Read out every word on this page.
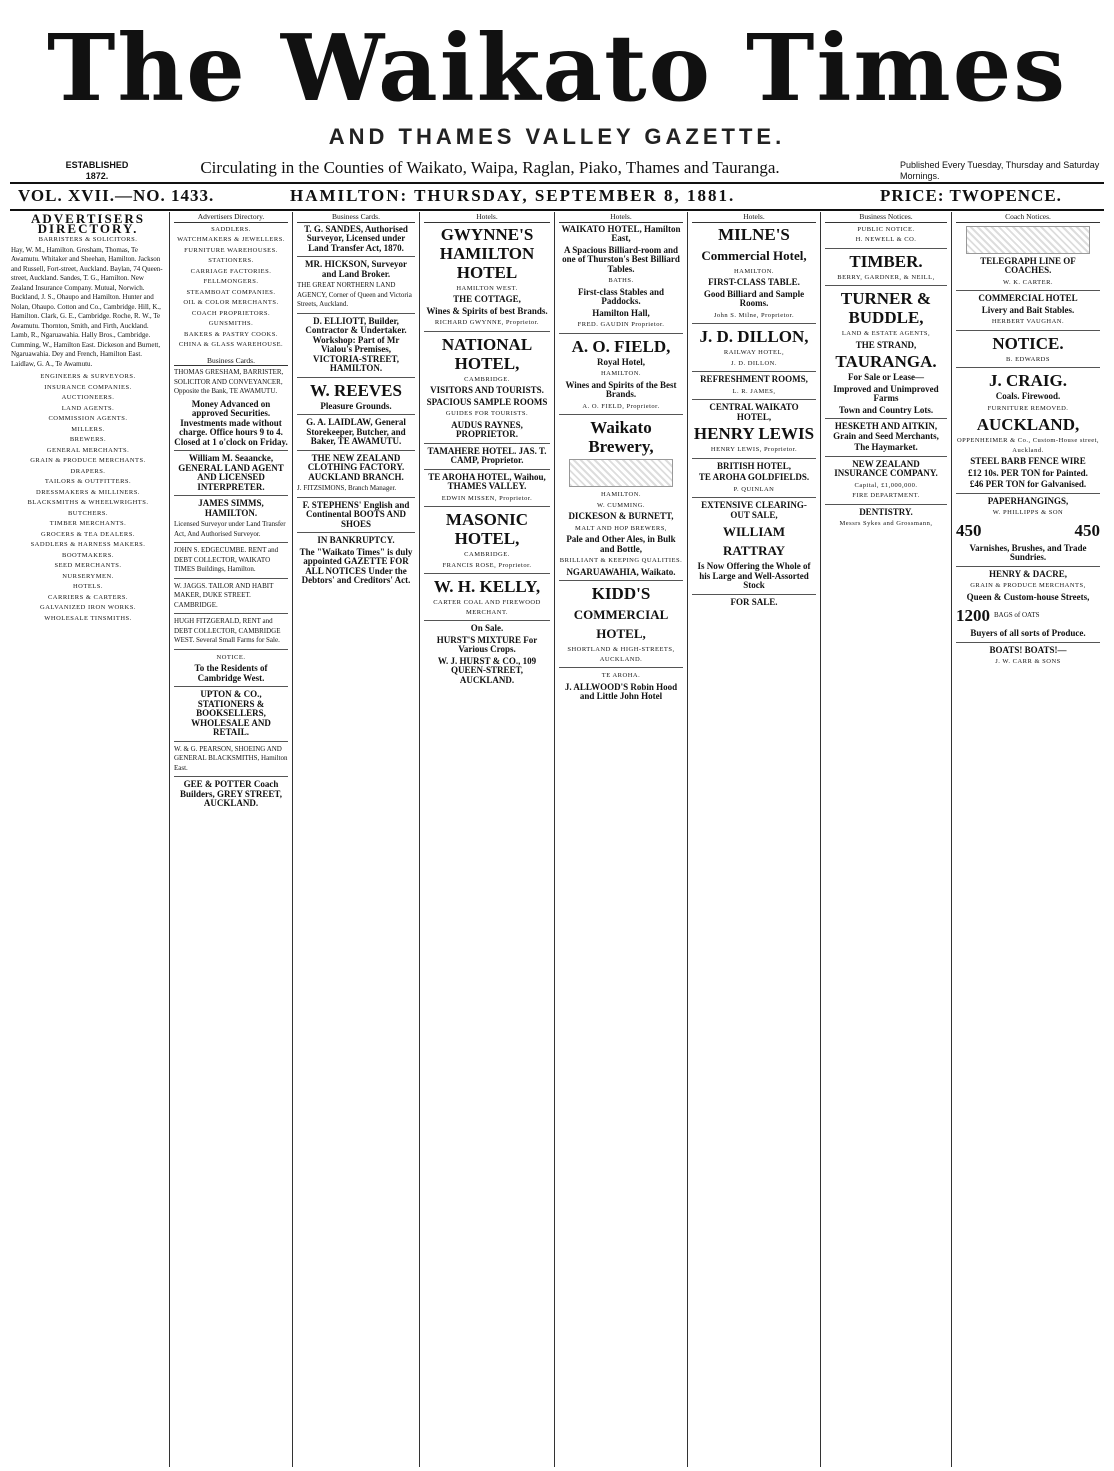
The Waikato Times
AND THAMES VALLEY GAZETTE.
ESTABLISHED 1872.	Circulating in the Counties of Waikato, Waipa, Raglan, Piako, Thames and Tauranga.	Published Every Tuesday, Thursday and Saturday Mornings.
VOL. XVII.—NO. 1433.	HAMILTON: THURSDAY, SEPTEMBER 8, 1881.	PRICE: TWOPENCE.
ADVERTISERS DIRECTORY.
BARRISTERS & SOLICITORS.

Hay, W. M., Hamilton. Gresham, Thomas, Te Awamutu. Whitaker and Sheehan, Hamilton. Jackson and Russell, Fort-street, Auckland. Baylan, 74 Queen-street, Auckland. Sandes, T. G., Hamilton. New Zealand Insurance Company. Mutual, Norwich. Buckland, J. S., Ohaupo and Hamilton. Hunter and Nolan, Ohaupo. Cotton and Co., Cambridge. Hill, K., Hamilton. Clark, G. E., Cambridge. Roche, R. W., Te Awamutu. Thornton, Smith, and Firth, Auckland. Lamb, R., Ngaruawahia. Hally Bros., Cambridge. Cumming, W., Hamilton East. Dickeson and Burnett, Ngaruawahia. Dey and French, Hamilton East. Laidlaw, G. A., Te Awamutu.

ENGINEERS & SURVEYORS.
INSURANCE COMPANIES.
AUCTIONEERS.
LAND AGENTS.
COMMISSION AGENTS.
MILLERS.
BREWERS.
GENERAL MERCHANTS.
GRAIN & PRODUCE MERCHANTS.
DRAPERS.
TAILORS & OUTFITTERS.
DRESSMAKERS & MILLINERS.
BLACKSMITHS & WHEELWRIGHTS.
BUTCHERS.
TIMBER MERCHANTS.
GROCERS & TEA DEALERS.
SADDLERS & HARNESS MAKERS.
BOOTMAKERS.
SEED MERCHANTS.
NURSERYMEN.
HOTELS.
CARRIERS & CARTERS.
GALVANIZED IRON WORKS.
WHOLESALE TINSMITHS.
Advertisers Directory.
SADDLERS.
WATCHMAKERS & JEWELLERS.
FURNITURE WAREHOUSES.
STATIONERS.
CARRIAGE FACTORIES.
FELLMONGERS.
STEAMBOAT COMPANIES.
OIL & COLOR MERCHANTS.
COACH PROPRIETORS.
GUNSMITHS.
BAKERS & PASTRY COOKS.
CHINA & GLASS WAREHOUSE.
Business Cards.

THOMAS GRESHAM, BARRISTER, SOLICITOR AND CONVEYANCER, Opposite the Bank, TE AWAMUTU.

Money Advanced on approved Securities. Investments made without charge. Office hours 9 to 4. Closed at 1 o'clock on Friday.

William M. Seaancke, GENERAL LAND AGENT AND LICENSED INTERPRETER.

JAMES SIMMS, HAMILTON.

Licensed Surveyor under Land Transfer Act, And Authorised Surveyor.

JOHN S. EDGECUMBE. RENT and DEBT COLLECTOR, WAIKATO TIMES Buildings, Hamilton.

W. JAGGS. TAILOR AND HABIT MAKER, DUKE STREET. CAMBRIDGE.

HUGH FITZGERALD, RENT and DEBT COLLECTOR, CAMBRIDGE WEST. Several Small Farms for Sale.

NOTICE.

To the Residents of Cambridge West.

UPTON & CO., STATIONERS & BOOKSELLERS, WHOLESALE AND RETAIL.

W. & G. PEARSON, SHOEING AND GENERAL BLACKSMITHS, Hamilton East.

GEE & POTTER Coach Builders, GREY STREET, AUCKLAND.

Business Cards.

T. G. SANDES, Authorised Surveyor, Licensed under Land Transfer Act, 1870.

MR. HICKSON, Surveyor and Land Broker.

THE GREAT NORTHERN LAND AGENCY, Corner of Queen and Victoria Streets, Auckland.

D. ELLIOTT, Builder, Contractor & Undertaker. Workshop: Part of Mr Vialou's Premises, VICTORIA-STREET, HAMILTON.

W. REEVES

Pleasure Grounds.

G. A. LAIDLAW, General Storekeeper, Butcher, and Baker, TE AWAMUTU.

THE NEW ZEALAND CLOTHING FACTORY. AUCKLAND BRANCH.

J. FITZSIMONS, Branch Manager.

F. STEPHENS' English and Continental BOOTS AND SHOES

IN BANKRUPTCY.

The "Waikato Times" is duly appointed GAZETTE FOR ALL NOTICES Under the Debtors' and Creditors' Act.

Hotels.
GWYNNE'S HAMILTON HOTEL
HAMILTON WEST.
THE COTTAGE,
Wines & Spirits of best Brands.

RICHARD GWYNNE, Proprietor.

NATIONAL HOTEL,
CAMBRIDGE.
VISITORS AND TOURISTS.
SPACIOUS SAMPLE ROOMS
GUIDES FOR TOURISTS.
AUDUS RAYNES, PROPRIETOR.
TAMAHERE HOTEL. JAS. T. CAMP, Proprietor.
TE AROHA HOTEL, Waihou, THAMES VALLEY.
EDWIN MISSEN, Proprietor.
MASONIC HOTEL,
CAMBRIDGE.
FRANCIS ROSE, Proprietor.
W. H. KELLY,
CARTER COAL AND FIREWOOD MERCHANT.
On Sale.
HURST'S MIXTURE For Various Crops.
W. J. HURST & CO., 109 QUEEN-STREET, AUCKLAND.
Hotels.
WAIKATO HOTEL, Hamilton East,
A Spacious Billiard-room and one of Thurston's Best Billiard Tables.
BATHS.
First-class Stables and Paddocks.
Hamilton Hall,
FRED. GAUDIN Proprietor.
A. O. FIELD,
Royal Hotel,
HAMILTON.
Wines and Spirits of the Best Brands.
A. O. FIELD, Proprietor.
Waikato Brewery,
HAMILTON.
W. CUMMING.
DICKESON & BURNETT,
MALT AND HOP BREWERS,
Pale and Other Ales, in Bulk and Bottle,
BRILLIANT & KEEPING QUALITIES.
NGARUAWAHIA, Waikato.
KIDD'S
COMMERCIAL HOTEL,
SHORTLAND & HIGH-STREETS, AUCKLAND.
TE AROHA.
J. ALLWOOD'S Robin Hood and Little John Hotel
Hotels.
MILNE'S
Commercial Hotel,
HAMILTON.
FIRST-CLASS TABLE.
Good Billiard and Sample Rooms.
John S. Milne, Proprietor.
J. D. DILLON,
RAILWAY HOTEL,
J. D. DILLON.
REFRESHMENT ROOMS,
L. R. JAMES,
CENTRAL WAIKATO HOTEL,
HENRY LEWIS
HENRY LEWIS, Proprietor.
BRITISH HOTEL,
TE AROHA GOLDFIELDS.
P. QUINLAN
EXTENSIVE CLEARING-OUT SALE,
WILLIAM RATTRAY
Is Now Offering the Whole of his Large and Well-Assorted Stock
FOR SALE.
Business Notices.
PUBLIC NOTICE.
H. NEWELL & CO.
TIMBER.
BERRY, GARDNER, & NEILL,
TURNER & BUDDLE,
LAND & ESTATE AGENTS,
THE STRAND,
TAURANGA.
For Sale or Lease—
Improved and Unimproved Farms
Town and Country Lots.
HESKETH AND AITKIN, Grain and Seed Merchants,
The Haymarket.
NEW ZEALAND INSURANCE COMPANY.
Capital, £1,000,000.
FIRE DEPARTMENT.
DENTISTRY.
Messrs Sykes and Grossmann,
Coach Notices.
TELEGRAPH LINE OF COACHES.
W. K. CARTER.
COMMERCIAL HOTEL
Livery and Bait Stables.
HERBERT VAUGHAN.
NOTICE.
B. EDWARDS
J. CRAIG.
Coals. Firewood.
FURNITURE REMOVED.
AUCKLAND,
OPPENHEIMER & Co., Custom-House street, Auckland.
STEEL BARB FENCE WIRE
£12 10s. PER TON for Painted.
£46 PER TON for Galvanised.
PAPERHANGINGS,
W. PHILLIPPS & SON
450	450
Varnishes, Brushes, and Trade Sundries.
HENRY & DACRE,
GRAIN & PRODUCE MERCHANTS,
Queen & Custom-house Streets,
1200 BAGS of OATS
Buyers of all sorts of Produce.
BOATS! BOATS!—
J. W. CARR & SONS
